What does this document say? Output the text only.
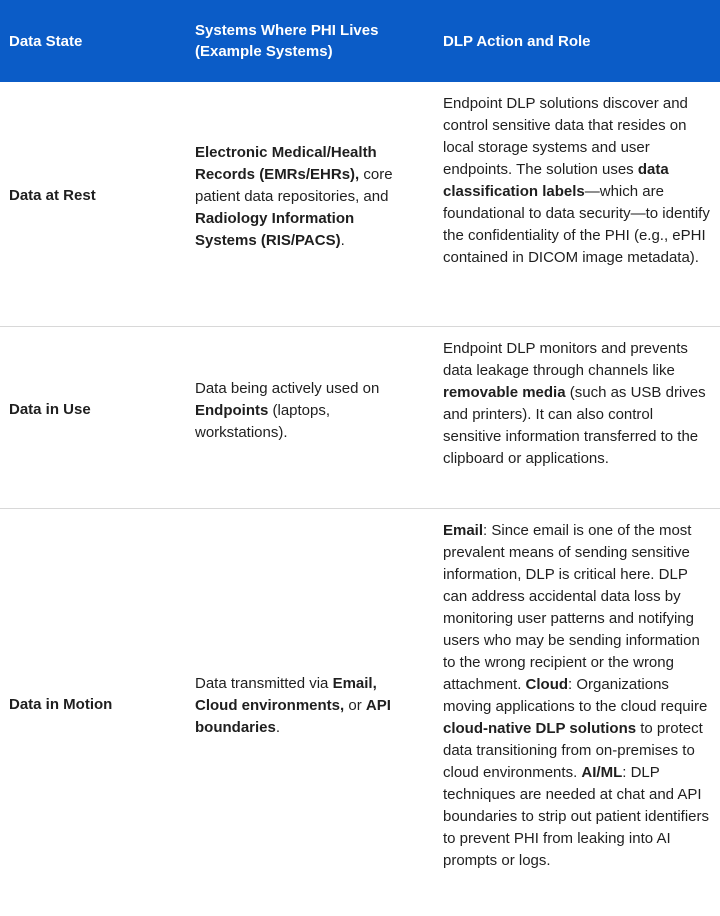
Data State
Systems Where PHI Lives (Example Systems)
DLP Action and Role
Data at Rest
Electronic Medical/Health Records (EMRs/EHRs), core patient data repositories, and Radiology Information Systems (RIS/PACS).
Endpoint DLP solutions discover and control sensitive data that resides on local storage systems and user endpoints. The solution uses data classification labels—which are foundational to data security—to identify the confidentiality of the PHI (e.g., ePHI contained in DICOM image metadata).
Data in Use
Data being actively used on Endpoints (laptops, workstations).
Endpoint DLP monitors and prevents data leakage through channels like removable media (such as USB drives and printers). It can also control sensitive information transferred to the clipboard or applications.
Data in Motion
Data transmitted via Email, Cloud environments, or API boundaries.
Email: Since email is one of the most prevalent means of sending sensitive information, DLP is critical here. DLP can address accidental data loss by monitoring user patterns and notifying users who may be sending information to the wrong recipient or the wrong attachment. Cloud: Organizations moving applications to the cloud require cloud-native DLP solutions to protect data transitioning from on-premises to cloud environments. AI/ML: DLP techniques are needed at chat and API boundaries to strip out patient identifiers to prevent PHI from leaking into AI prompts or logs.
